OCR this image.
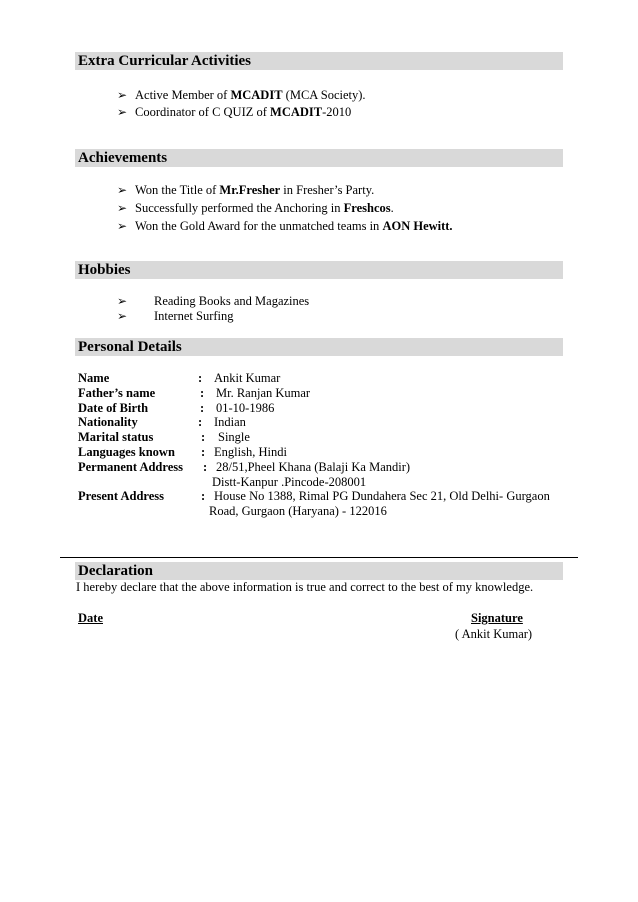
Extra Curricular Activities
➢ Active Member of MCADIT (MCA Society).
➢ Coordinator of C QUIZ of MCADIT-2010
Achievements
➢ Won the Title of Mr.Fresher in Fresher’s Party.
➢ Successfully performed the Anchoring in Freshcos.
➢ Won the Gold Award for the unmatched teams in AON Hewitt.
Hobbies
➢ Reading Books and Magazines
➢ Internet Surfing
Personal Details
Name	: Ankit Kumar
Father’s name	: Mr. Ranjan Kumar
Date of Birth	: 01-10-1986
Nationality	: Indian
Marital status	: Single
Languages known : English, Hindi
Permanent Address : 28/51,Pheel Khana (Balaji Ka Mandir)
Distt-Kanpur .Pincode-208001
Present Address	: House No 1388, Rimal PG Dundahera Sec 21, Old Delhi- Gurgaon
Road, Gurgaon (Haryana) - 122016
Declaration
I hereby declare that the above information is true and correct to the best of my knowledge.
Date	Signature
( Ankit Kumar)
